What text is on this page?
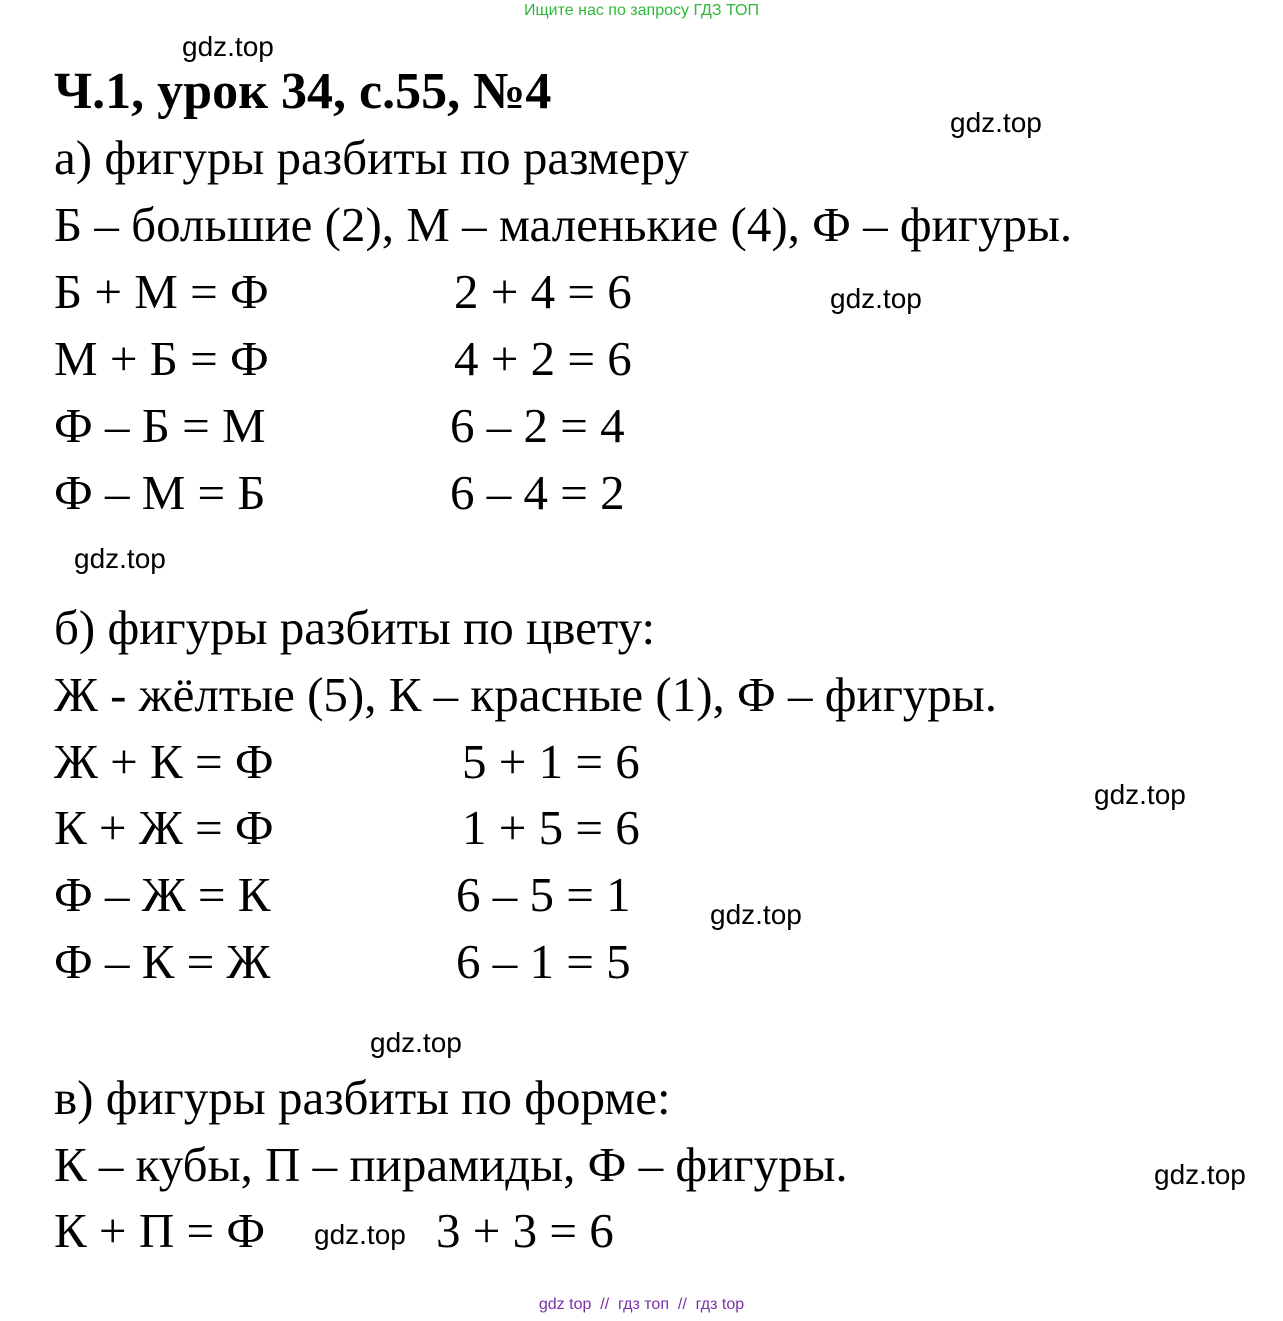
Ищите нас по запросу ГДЗ ТОП
Ч.1, урок 34, с.55, №4
а) фигуры разбиты по размеру
Б – большие (2), М – маленькие (4), Ф – фигуры.
Б + М = Ф	2 + 4 = 6
М + Б = Ф	4 + 2 = 6
Ф – Б = М	6 – 2 = 4
Ф – М = Б	6 – 4 = 2
б) фигуры разбиты по цвету:
Ж - жёлтые (5), К – красные (1), Ф – фигуры.
Ж + К = Ф	5 + 1 = 6
К + Ж = Ф	1 + 5 = 6
Ф – Ж = К	6 – 5 = 1
Ф – К = Ж	6 – 1 = 5
в) фигуры разбиты по форме:
К – кубы, П – пирамиды, Ф – фигуры.
К + П = Ф	3 + 3 = 6
gdz.top
gdz.top
gdz.top
gdz.top
gdz.top
gdz.top
gdz.top
gdz.top
gdz.top
gdz top  //  гдз топ  //  гдз top
